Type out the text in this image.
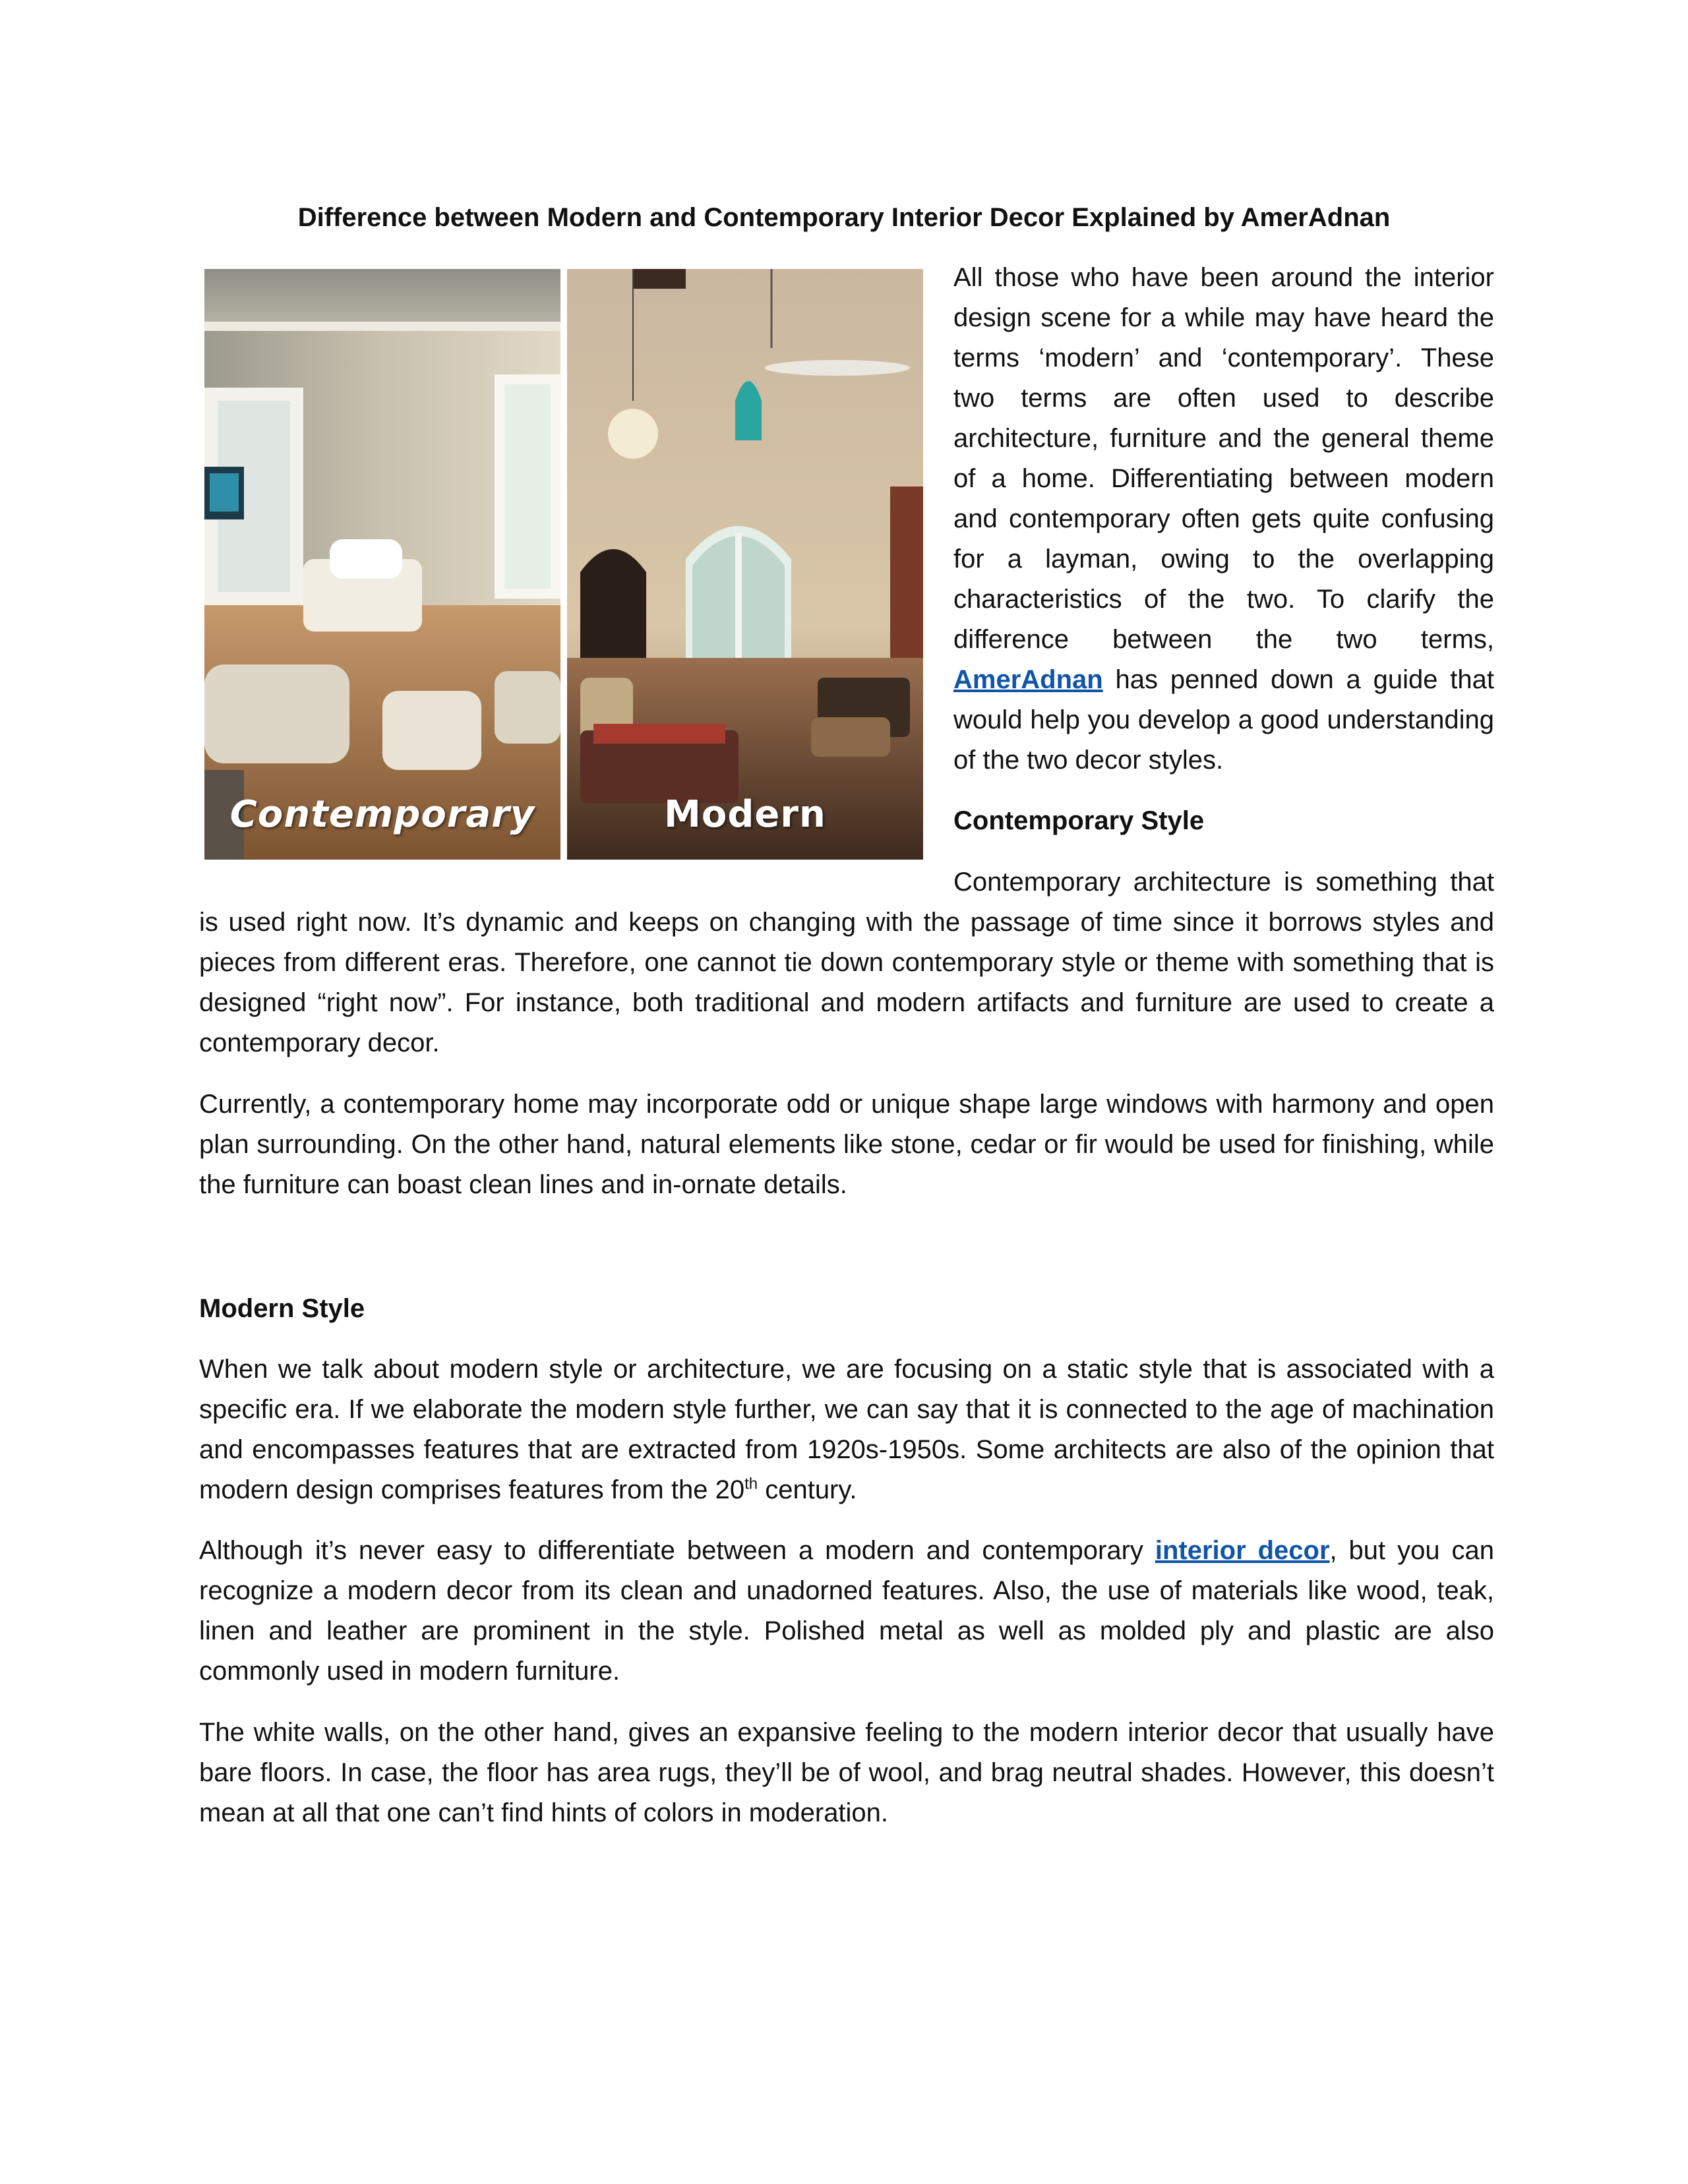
Difference between Modern and Contemporary Interior Decor Explained by AmerAdnan
Contemporary	Modern

All those who have been around the interior design scene for a while may have heard the terms ‘modern’ and ‘contemporary’. These two terms are often used to describe architecture, furniture and the general theme of a home. Differentiating between modern and contemporary often gets quite confusing for a layman, owing to the overlapping characteristics of the two. To clarify the difference between the two terms, AmerAdnan has penned down a guide that would help you develop a good understanding of the two decor styles.

Contemporary Style

Contemporary architecture is something that is used right now. It’s dynamic and keeps on changing with the passage of time since it borrows styles and pieces from different eras. Therefore, one cannot tie down contemporary style or theme with something that is designed “right now”. For instance, both traditional and modern artifacts and furniture are used to create a contemporary decor.

Currently, a contemporary home may incorporate odd or unique shape large windows with harmony and open plan surrounding. On the other hand, natural elements like stone, cedar or fir would be used for finishing, while the furniture can boast clean lines and in-ornate details.

Modern Style

When we talk about modern style or architecture, we are focusing on a static style that is associated with a specific era. If we elaborate the modern style further, we can say that it is connected to the age of machination and encompasses features that are extracted from 1920s-1950s. Some architects are also of the opinion that modern design comprises features from the 20th century.

Although it’s never easy to differentiate between a modern and contemporary interior decor, but you can recognize a modern decor from its clean and unadorned features. Also, the use of materials like wood, teak, linen and leather are prominent in the style. Polished metal as well as molded ply and plastic are also commonly used in modern furniture.

The white walls, on the other hand, gives an expansive feeling to the modern interior decor that usually have bare floors. In case, the floor has area rugs, they’ll be of wool, and brag neutral shades. However, this doesn’t mean at all that one can’t find hints of colors in moderation.
